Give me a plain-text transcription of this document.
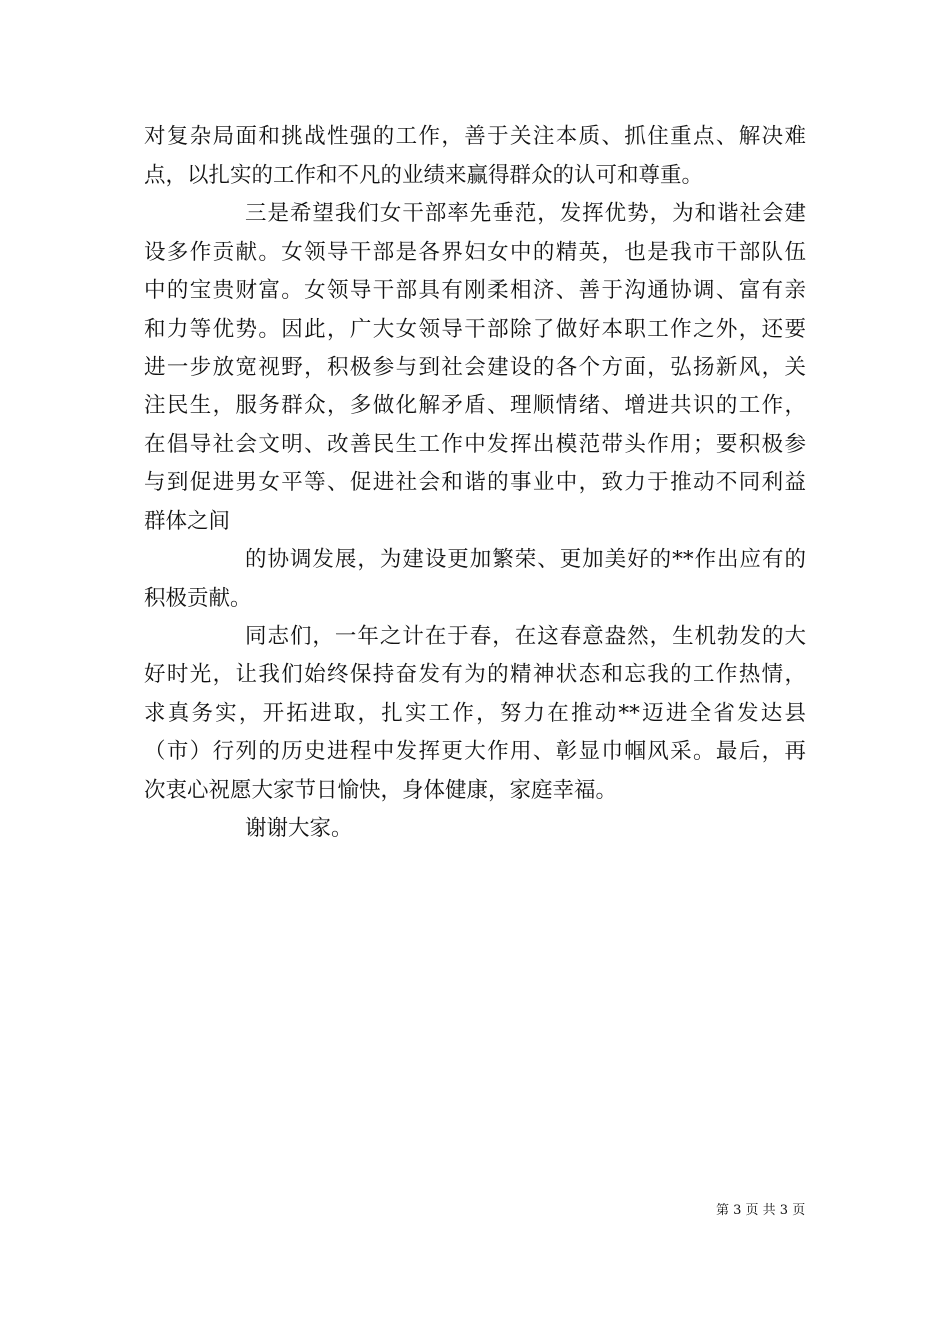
对复杂局面和挑战性强的工作，善于关注本质、抓住重点、解决难
点，以扎实的工作和不凡的业绩来赢得群众的认可和尊重。
三是希望我们女干部率先垂范，发挥优势，为和谐社会建
设多作贡献。女领导干部是各界妇女中的精英，也是我市干部队伍
中的宝贵财富。女领导干部具有刚柔相济、善于沟通协调、富有亲
和力等优势。因此，广大女领导干部除了做好本职工作之外，还要
进一步放宽视野，积极参与到社会建设的各个方面，弘扬新风，关
注民生，服务群众，多做化解矛盾、理顺情绪、增进共识的工作，
在倡导社会文明、改善民生工作中发挥出模范带头作用；要积极参
与到促进男女平等、促进社会和谐的事业中，致力于推动不同利益
群体之间
的协调发展，为建设更加繁荣、更加美好的**作出应有的
积极贡献。
同志们，一年之计在于春，在这春意盎然，生机勃发的大
好时光，让我们始终保持奋发有为的精神状态和忘我的工作热情，
求真务实，开拓进取，扎实工作，努力在推动**迈进全省发达县
（市）行列的历史进程中发挥更大作用、彰显巾帼风采。最后，再
次衷心祝愿大家节日愉快，身体健康，家庭幸福。
谢谢大家。
第 3 页 共 3 页
